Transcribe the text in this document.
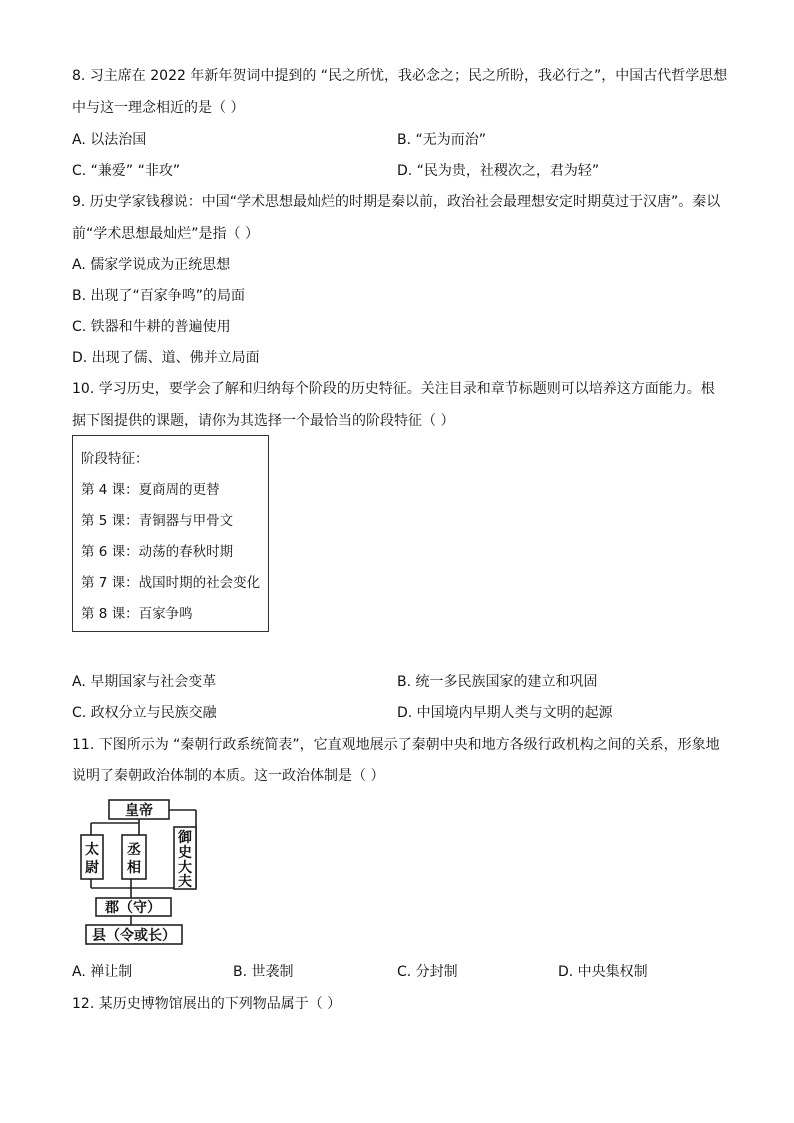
8. 习主席在 2022 年新年贺词中提到的 “民之所忧，我必念之；民之所盼，我必行之”，中国古代哲学思想
中与这一理念相近的是（ ）
A. 以法治国	B. “无为而治”
C. “兼爱” “非攻”	D. “民为贵，社稷次之，君为轻”
9. 历史学家钱穆说：中国“学术思想最灿烂的时期是秦以前，政治社会最理想安定时期莫过于汉唐”。秦以
前“学术思想最灿烂”是指（ ）
A. 儒家学说成为正统思想
B. 出现了“百家争鸣”的局面
C. 铁器和牛耕的普遍使用
D. 出现了儒、道、佛并立局面
10. 学习历史，要学会了解和归纳每个阶段的历史特征。关注目录和章节标题则可以培养这方面能力。根
据下图提供的课题，请你为其选择一个最恰当的阶段特征（ ）
阶段特征：
第 4 课：夏商周的更替
第 5 课：青铜器与甲骨文
第 6 课：动荡的春秋时期
第 7 课：战国时期的社会变化
第 8 课：百家争鸣
A. 早期国家与社会变革	B. 统一多民族国家的建立和巩固
C. 政权分立与民族交融	D. 中国境内早期人类与文明的起源
11. 下图所示为 “秦朝行政系统简表”，它直观地展示了秦朝中央和地方各级行政机构之间的关系，形象地
说明了秦朝政治体制的本质。这一政治体制是（ ）
皇帝
太
尉
丞
相
御
史
大
夫
郡（守）
县（令或长）
A. 禅让制	B. 世袭制	C. 分封制	D. 中央集权制
12. 某历史博物馆展出的下列物品属于（ ）
